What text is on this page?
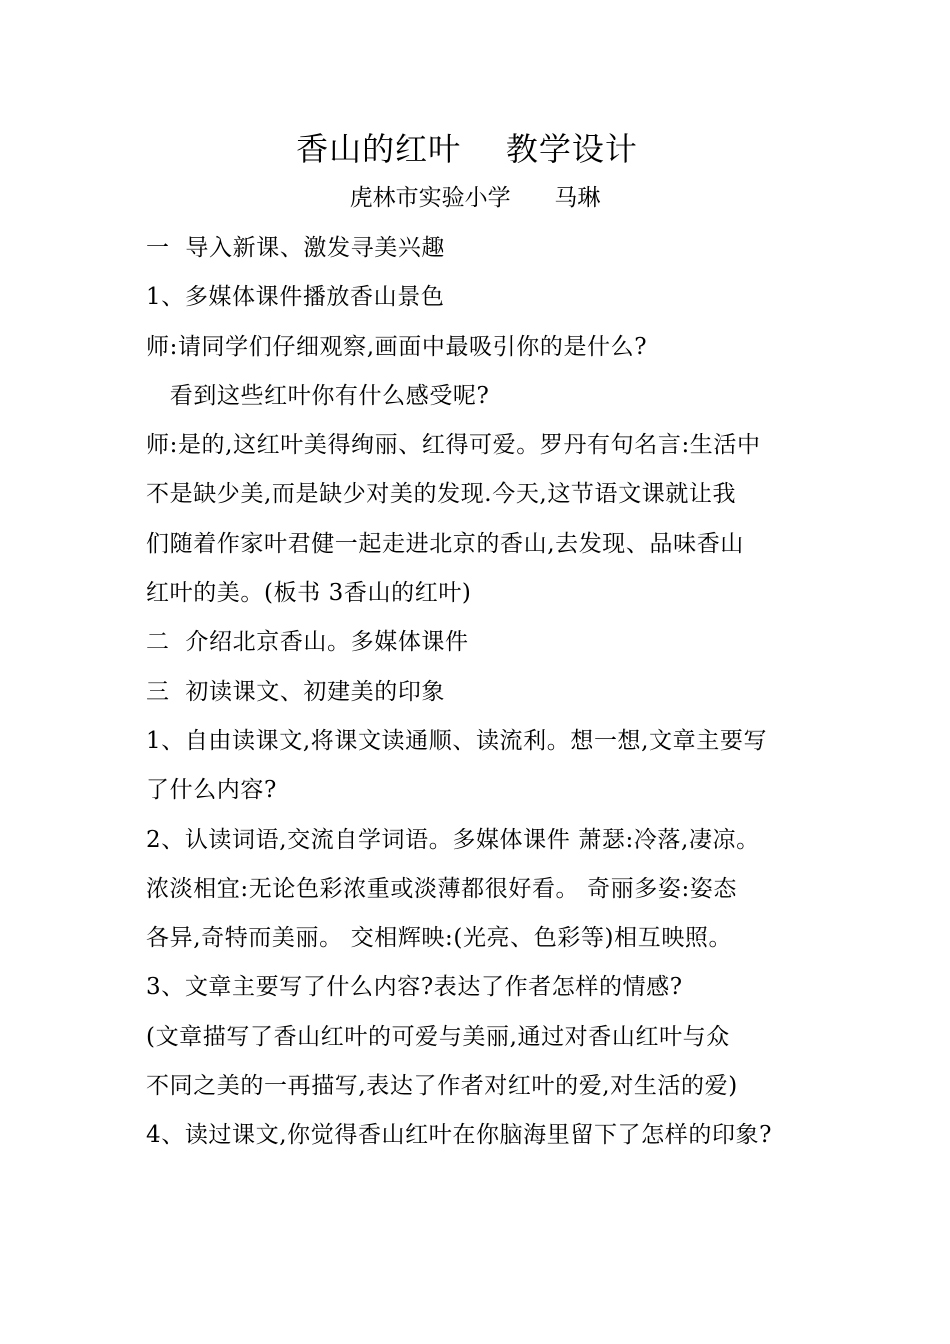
香山的红叶    教学设计
虎林市实验小学      马琳
一  导入新课、激发寻美兴趣
1、多媒体课件播放香山景色
师:请同学们仔细观察,画面中最吸引你的是什么?
看到这些红叶你有什么感受呢?
师:是的,这红叶美得绚丽、红得可爱。罗丹有句名言:生活中
不是缺少美,而是缺少对美的发现.今天,这节语文课就让我
们随着作家叶君健一起走进北京的香山,去发现、品味香山
红叶的美。(板书 3香山的红叶)
二  介绍北京香山。多媒体课件
三  初读课文、初建美的印象
1、自由读课文,将课文读通顺、读流利。想一想,文章主要写
了什么内容?
2、认读词语,交流自学词语。多媒体课件 萧瑟:冷落,凄凉。
浓淡相宜:无论色彩浓重或淡薄都很好看。 奇丽多姿:姿态
各异,奇特而美丽。 交相辉映:(光亮、色彩等)相互映照。
3、文章主要写了什么内容?表达了作者怎样的情感?
(文章描写了香山红叶的可爱与美丽,通过对香山红叶与众
不同之美的一再描写,表达了作者对红叶的爱,对生活的爱)
4、读过课文,你觉得香山红叶在你脑海里留下了怎样的印象?
